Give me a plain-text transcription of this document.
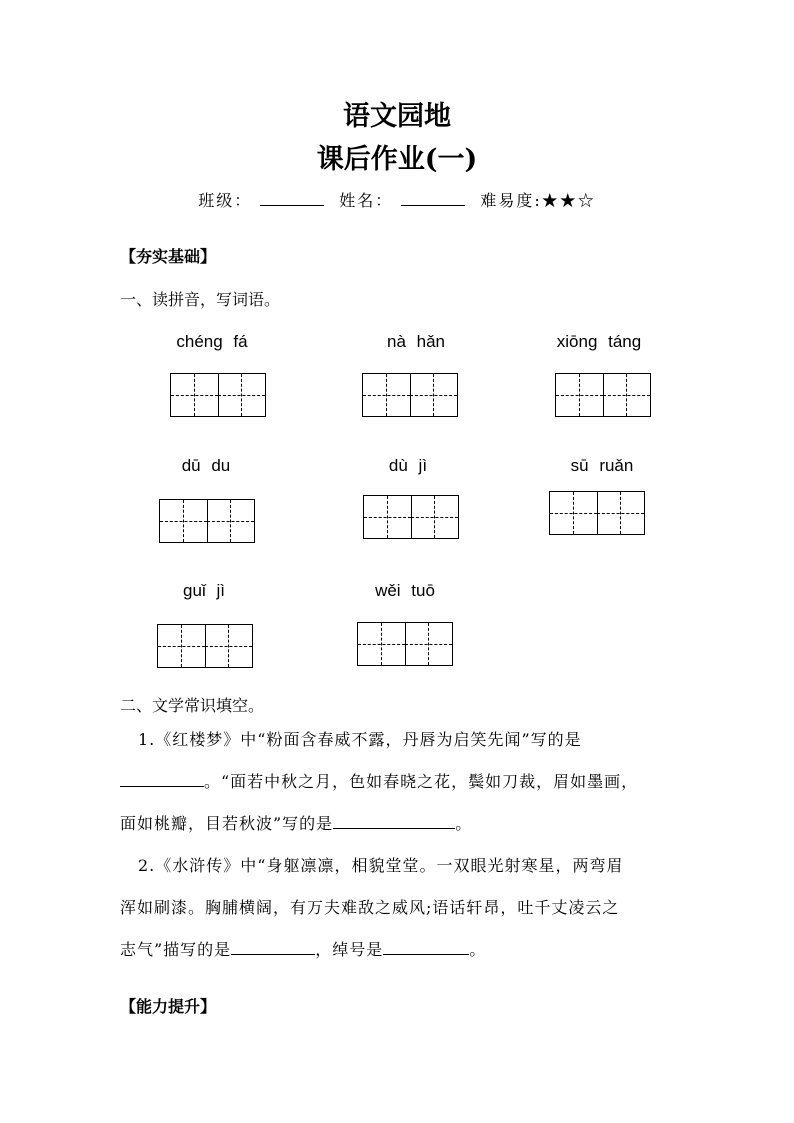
语文园地
课后作业(一)
班级：	姓名：	难易度:★★☆
【夯实基础】
一、读拼音，写词语。
chéng fá	nà hǎn	xiōng táng
dū du	dù jì	sū ruǎn
guǐ jì	wěi tuō
二、文学常识填空。
1.《红楼梦》中“粉面含春威不露，丹唇为启笑先闻”写的是
。“面若中秋之月，色如春晓之花，鬓如刀裁，眉如墨画，
面如桃瓣，目若秋波”写的是	。
2.《水浒传》中“身躯凛凛，相貌堂堂。一双眼光射寒星，两弯眉
浑如刷漆。胸脯横阔，有万夫难敌之威风;语话轩昂，吐千丈凌云之
志气”描写的是	，绰号是	。
【能力提升】
